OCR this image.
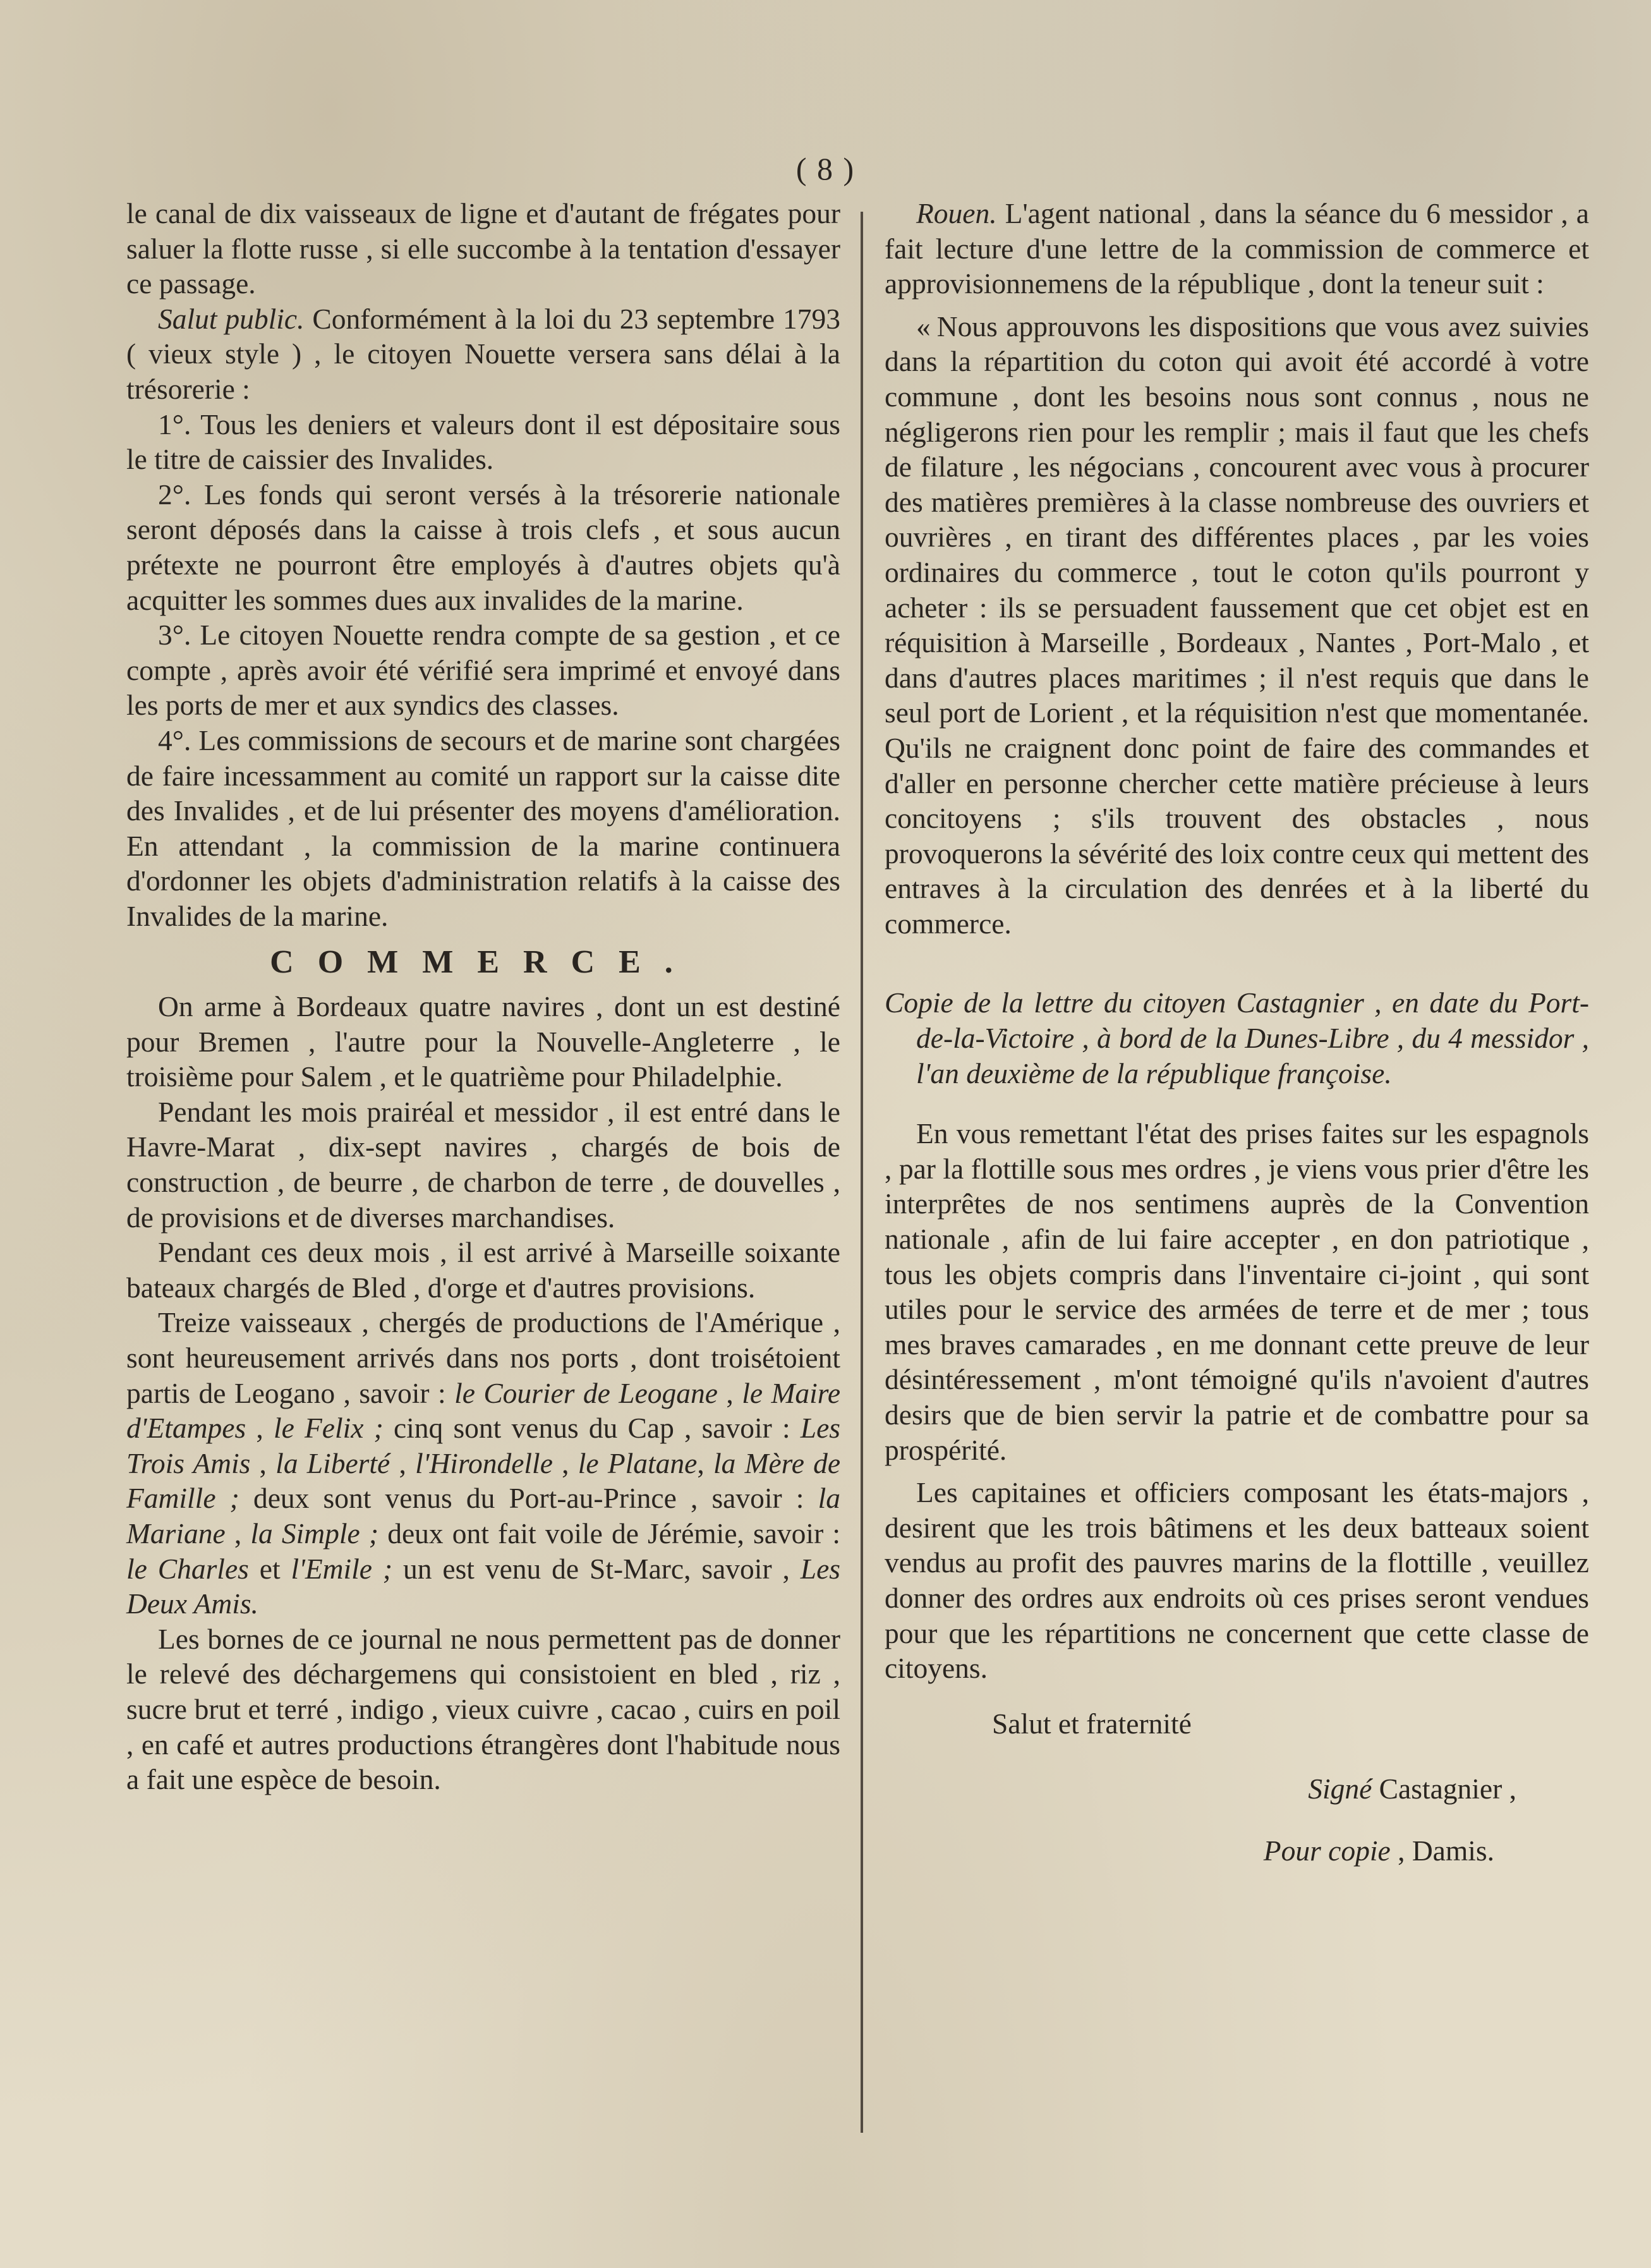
( 8 )

le canal de dix vaisseaux de ligne et d'autant de frégates pour saluer la flotte russe , si elle succombe à la tentation d'essayer ce passage.

Salut public. Conformément à la loi du 23 septembre 1793 ( vieux style ) , le citoyen Nouette versera sans délai à la trésorerie :

1°. Tous les deniers et valeurs dont il est dépositaire sous le titre de caissier des Invalides.

2°. Les fonds qui seront versés à la trésorerie nationale seront déposés dans la caisse à trois clefs , et sous aucun prétexte ne pourront être employés à d'autres objets qu'à acquitter les sommes dues aux invalides de la marine.

3°. Le citoyen Nouette rendra compte de sa gestion , et ce compte , après avoir été vérifié sera imprimé et envoyé dans les ports de mer et aux syndics des classes.

4°. Les commissions de secours et de marine sont chargées de faire incessamment au comité un rapport sur la caisse dite des Invalides , et de lui présenter des moyens d'amélioration. En attendant , la commission de la marine continuera d'ordonner les objets d'administration relatifs à la caisse des Invalides de la marine.

COMMERCE.

On arme à Bordeaux quatre navires , dont un est destiné pour Bremen , l'autre pour la Nouvelle-Angleterre , le troisième pour Salem , et le quatrième pour Philadelphie.

Pendant les mois prairéal et messidor , il est entré dans le Havre-Marat , dix-sept navires , chargés de bois de construction , de beurre , de charbon de terre , de douvelles , de provisions et de diverses marchandises.

Pendant ces deux mois , il est arrivé à Marseille soixante bateaux chargés de Bled , d'orge et d'autres provisions.

Treize vaisseaux , chergés de productions de l'Amérique , sont heureusement arrivés dans nos ports , dont troisétoient partis de Leogano , savoir : le Courier de Leogane , le Maire d'Etampes , le Felix ; cinq sont venus du Cap , savoir : Les Trois Amis , la Liberté , l'Hirondelle , le Platane, la Mère de Famille ; deux sont venus du Port-au-Prince , savoir : la Mariane , la Simple ; deux ont fait voile de Jérémie, savoir : le Charles et l'Emile ; un est venu de St-Marc, savoir , Les Deux Amis.

Les bornes de ce journal ne nous permettent pas de donner le relevé des déchargemens qui consistoient en bled , riz , sucre brut et terré , indigo , vieux cuivre , cacao , cuirs en poil , en café et autres productions étrangères dont l'habitude nous a fait une espèce de besoin.

Rouen. L'agent national , dans la séance du 6 messidor , a fait lecture d'une lettre de la commission de commerce et approvisionnemens de la république , dont la teneur suit :

« Nous approuvons les dispositions que vous avez suivies dans la répartition du coton qui avoit été accordé à votre commune , dont les besoins nous sont connus , nous ne négligerons rien pour les remplir ; mais il faut que les chefs de filature , les négocians , concourent avec vous à procurer des matières premières à la classe nombreuse des ouvriers et ouvrières , en tirant des différentes places , par les voies ordinaires du commerce , tout le coton qu'ils pourront y acheter : ils se persuadent faussement que cet objet est en réquisition à Marseille , Bordeaux , Nantes , Port-Malo , et dans d'autres places maritimes ; il n'est requis que dans le seul port de Lorient , et la réquisition n'est que momentanée. Qu'ils ne craignent donc point de faire des commandes et d'aller en personne chercher cette matière précieuse à leurs concitoyens ; s'ils trouvent des obstacles , nous provoquerons la sévérité des loix contre ceux qui mettent des entraves à la circulation des denrées et à la liberté du commerce.

Copie de la lettre du citoyen Castagnier , en date du Port-de-la-Victoire , à bord de la Dunes-Libre , du 4 messidor , l'an deuxième de la république françoise.

En vous remettant l'état des prises faites sur les espagnols , par la flottille sous mes ordres , je viens vous prier d'être les interprêtes de nos sentimens auprès de la Convention nationale , afin de lui faire accepter , en don patriotique , tous les objets compris dans l'inventaire ci-joint , qui sont utiles pour le service des armées de terre et de mer ; tous mes braves camarades , en me donnant cette preuve de leur désintéressement , m'ont témoigné qu'ils n'avoient d'autres desirs que de bien servir la patrie et de combattre pour sa prospérité.

Les capitaines et officiers composant les états-majors , desirent que les trois bâtimens et les deux batteaux soient vendus au profit des pauvres marins de la flottille , veuillez donner des ordres aux endroits où ces prises seront vendues pour que les répartitions ne concernent que cette classe de citoyens.

Salut et fraternité

Signé Castagnier ,

Pour copie , Damis.
